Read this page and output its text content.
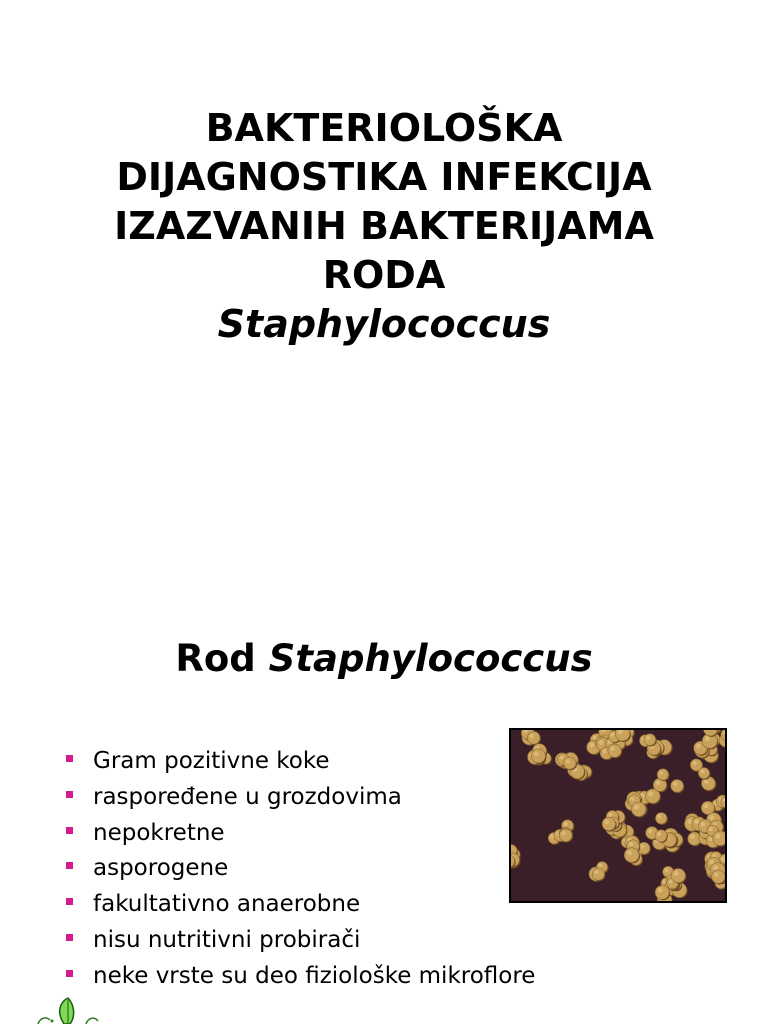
BAKTERIOLOŠKA
DIJAGNOSTIKA INFEKCIJA
IZAZVANIH BAKTERIJAMA
RODA
Staphylococcus
Rod Staphylococcus
Gram pozitivne koke
raspoređene u grozdovima
nepokretne
asporogene
fakultativno anaerobne
nisu nutritivni probirači
neke vrste su deo fiziološke mikroflore
